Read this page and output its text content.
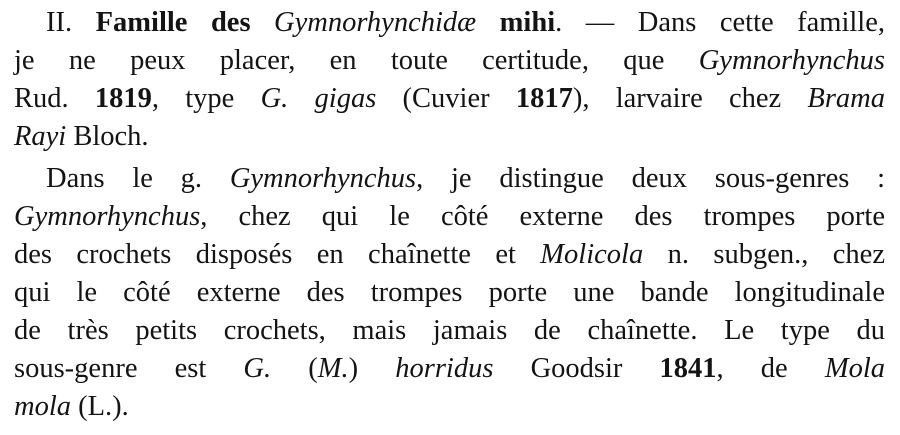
II. Famille des Gymnorhynchidæ mihi. — Dans cette famille,
je ne peux placer, en toute certitude, que Gymnorhynchus
Rud. 1819, type G. gigas (Cuvier 1817), larvaire chez Brama
Rayi Bloch.
Dans le g. Gymnorhynchus, je distingue deux sous-genres :
Gymnorhynchus, chez qui le côté externe des trompes porte
des crochets disposés en chaînette et Molicola n. subgen., chez
qui le côté externe des trompes porte une bande longitudinale
de très petits crochets, mais jamais de chaînette. Le type du
sous-genre est G. (M.) horridus Goodsir 1841, de Mola
mola (L.).
